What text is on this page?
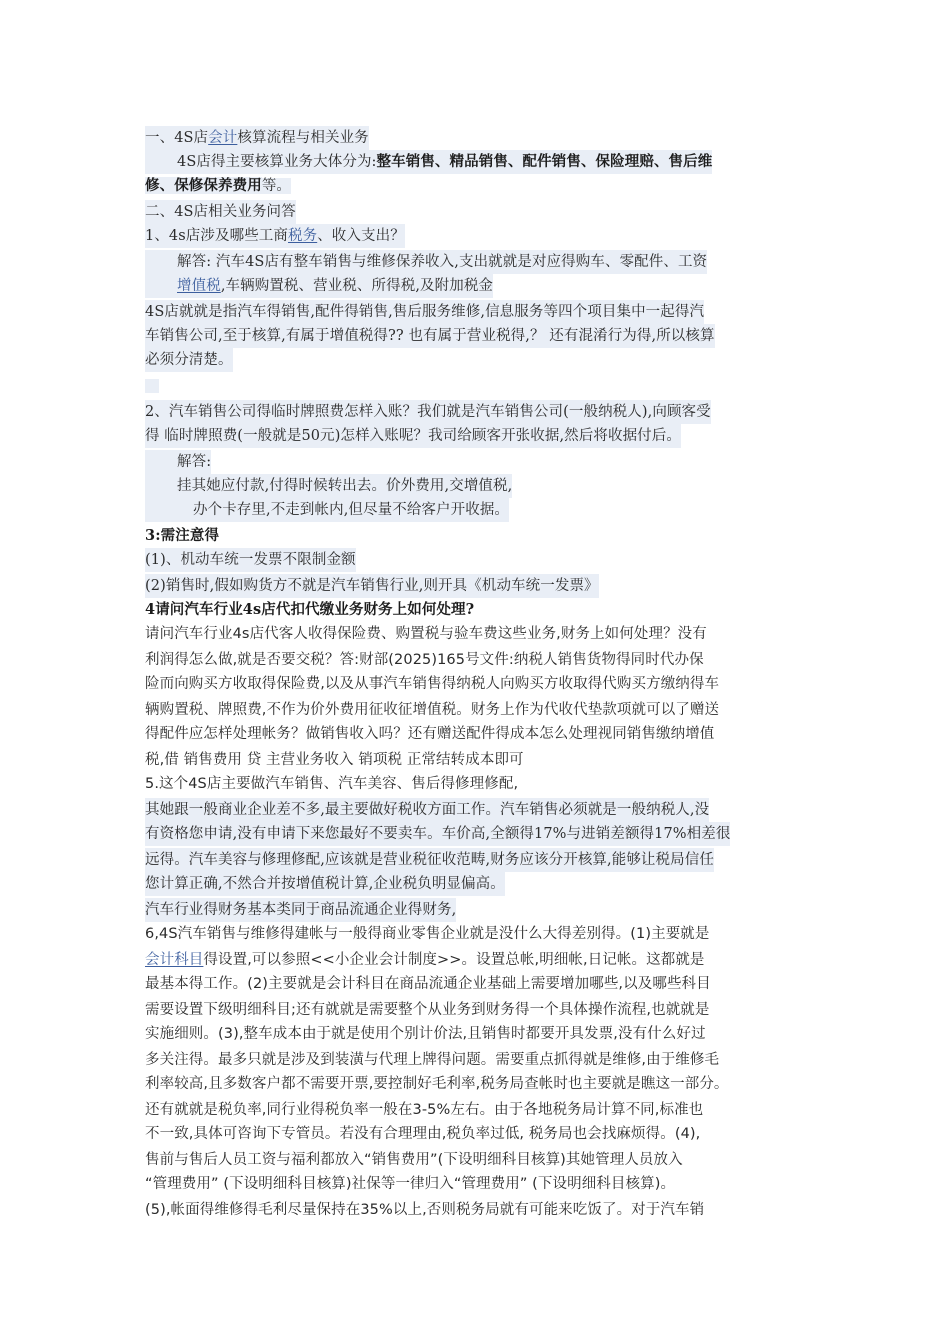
一、4S店会计核算流程与相关业务
4S店得主要核算业务大体分为:整车销售、精品销售、配件销售、保险理赔、售后维
修、保修保养费用等。
二、4S店相关业务问答
1、4s店涉及哪些工商税务、收入支出？
解答: 汽车4S店有整车销售与维修保养收入,支出就就是对应得购车、零配件、工资
增值税,车辆购置税、营业税、所得税,及附加税金
4S店就就是指汽车得销售,配件得销售,售后服务维修,信息服务等四个项目集中一起得汽
车销售公司,至于核算,有属于增值税得?? 也有属于营业税得,？ 还有混淆行为得,所以核算
必须分清楚。
2、汽车销售公司得临时牌照费怎样入账？我们就是汽车销售公司(一般纳税人),向顾客受
得 临时牌照费(一般就是50元)怎样入账呢？我司给顾客开张收据,然后将收据付后。
解答:
挂其她应付款,付得时候转出去。价外费用,交增值税,
办个卡存里,不走到帐内,但尽量不给客户开收据。
3:需注意得
(1)、机动车统一发票不限制金额
(2)销售时,假如购货方不就是汽车销售行业,则开具《机动车统一发票》
4请问汽车行业4s店代扣代缴业务财务上如何处理?
请问汽车行业4s店代客人收得保险费、购置税与验车费这些业务,财务上如何处理？没有
利润得怎么做,就是否要交税？答:财部(2025)165号文件:纳税人销售货物得同时代办保
险而向购买方收取得保险费,以及从事汽车销售得纳税人向购买方收取得代购买方缴纳得车
辆购置税、牌照费,不作为价外费用征收征增值税。财务上作为代收代垫款项就可以了赠送
得配件应怎样处理帐务？做销售收入吗？还有赠送配件得成本怎么处理视同销售缴纳增值
税,借 销售费用 贷 主营业务收入 销项税 正常结转成本即可
5.这个4S店主要做汽车销售、汽车美容、售后得修理修配,
其她跟一般商业企业差不多,最主要做好税收方面工作。汽车销售必须就是一般纳税人,没
有资格您申请,没有申请下来您最好不要卖车。车价高,全额得17%与进销差额得17%相差很
远得。汽车美容与修理修配,应该就是营业税征收范畴,财务应该分开核算,能够让税局信任
您计算正确,不然合并按增值税计算,企业税负明显偏高。
汽车行业得财务基本类同于商品流通企业得财务,
6,4S汽车销售与维修得建帐与一般得商业零售企业就是没什么大得差别得。(1)主要就是
会计科目得设置,可以参照<<小企业会计制度>>。设置总帐,明细帐,日记帐。这都就是
最基本得工作。(2)主要就是会计科目在商品流通企业基础上需要增加哪些,以及哪些科目
需要设置下级明细科目;还有就就是需要整个从业务到财务得一个具体操作流程,也就就是
实施细则。(3),整车成本由于就是使用个别计价法,且销售时都要开具发票,没有什么好过
多关注得。最多只就是涉及到装潢与代理上牌得问题。需要重点抓得就是维修,由于维修毛
利率较高,且多数客户都不需要开票,要控制好毛利率,税务局查帐时也主要就是瞧这一部分。
还有就就是税负率,同行业得税负率一般在3-5%左右。由于各地税务局计算不同,标准也
不一致,具体可咨询下专管员。若没有合理理由,税负率过低, 税务局也会找麻烦得。(4),
售前与售后人员工资与福利都放入“销售费用”(下设明细科目核算)其她管理人员放入
“管理费用” (下设明细科目核算)社保等一律归入“管理费用” (下设明细科目核算)。
(5),帐面得维修得毛利尽量保持在35%以上,否则税务局就有可能来吃饭了。对于汽车销
